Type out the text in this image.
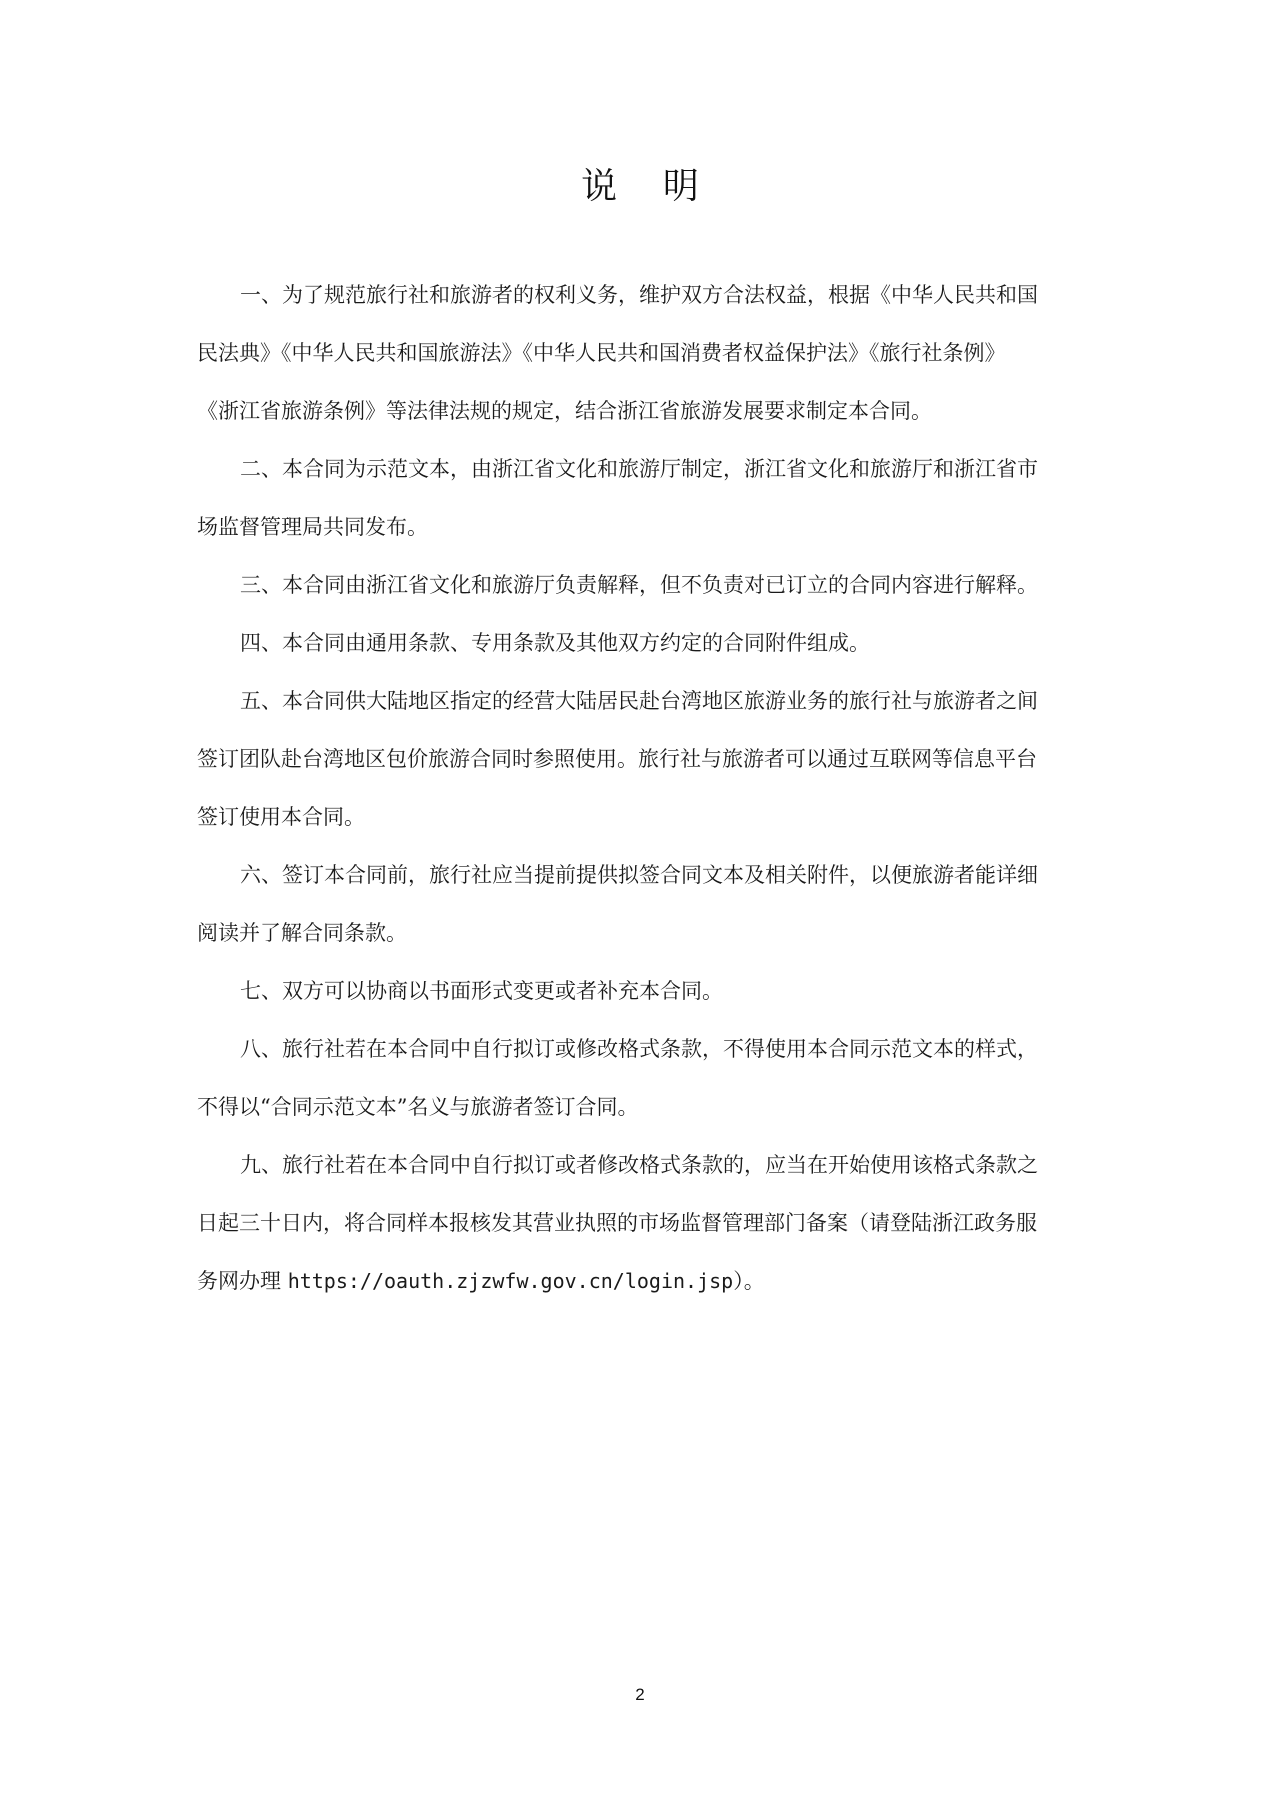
说    明
一、为了规范旅行社和旅游者的权利义务，维护双方合法权益，根据《中华人民共和国
民法典》《中华人民共和国旅游法》《中华人民共和国消费者权益保护法》《旅行社条例》
《浙江省旅游条例》等法律法规的规定，结合浙江省旅游发展要求制定本合同。
二、本合同为示范文本，由浙江省文化和旅游厅制定，浙江省文化和旅游厅和浙江省市
场监督管理局共同发布。
三、本合同由浙江省文化和旅游厅负责解释，但不负责对已订立的合同内容进行解释。
四、本合同由通用条款、专用条款及其他双方约定的合同附件组成。
五、本合同供大陆地区指定的经营大陆居民赴台湾地区旅游业务的旅行社与旅游者之间
签订团队赴台湾地区包价旅游合同时参照使用。旅行社与旅游者可以通过互联网等信息平台
签订使用本合同。
六、签订本合同前，旅行社应当提前提供拟签合同文本及相关附件，以便旅游者能详细
阅读并了解合同条款。
七、双方可以协商以书面形式变更或者补充本合同。
八、旅行社若在本合同中自行拟订或修改格式条款，不得使用本合同示范文本的样式，
不得以“合同示范文本”名义与旅游者签订合同。
九、旅行社若在本合同中自行拟订或者修改格式条款的，应当在开始使用该格式条款之
日起三十日内，将合同样本报核发其营业执照的市场监督管理部门备案（请登陆浙江政务服
务网办理 https://oauth.zjzwfw.gov.cn/login.jsp）。
2
